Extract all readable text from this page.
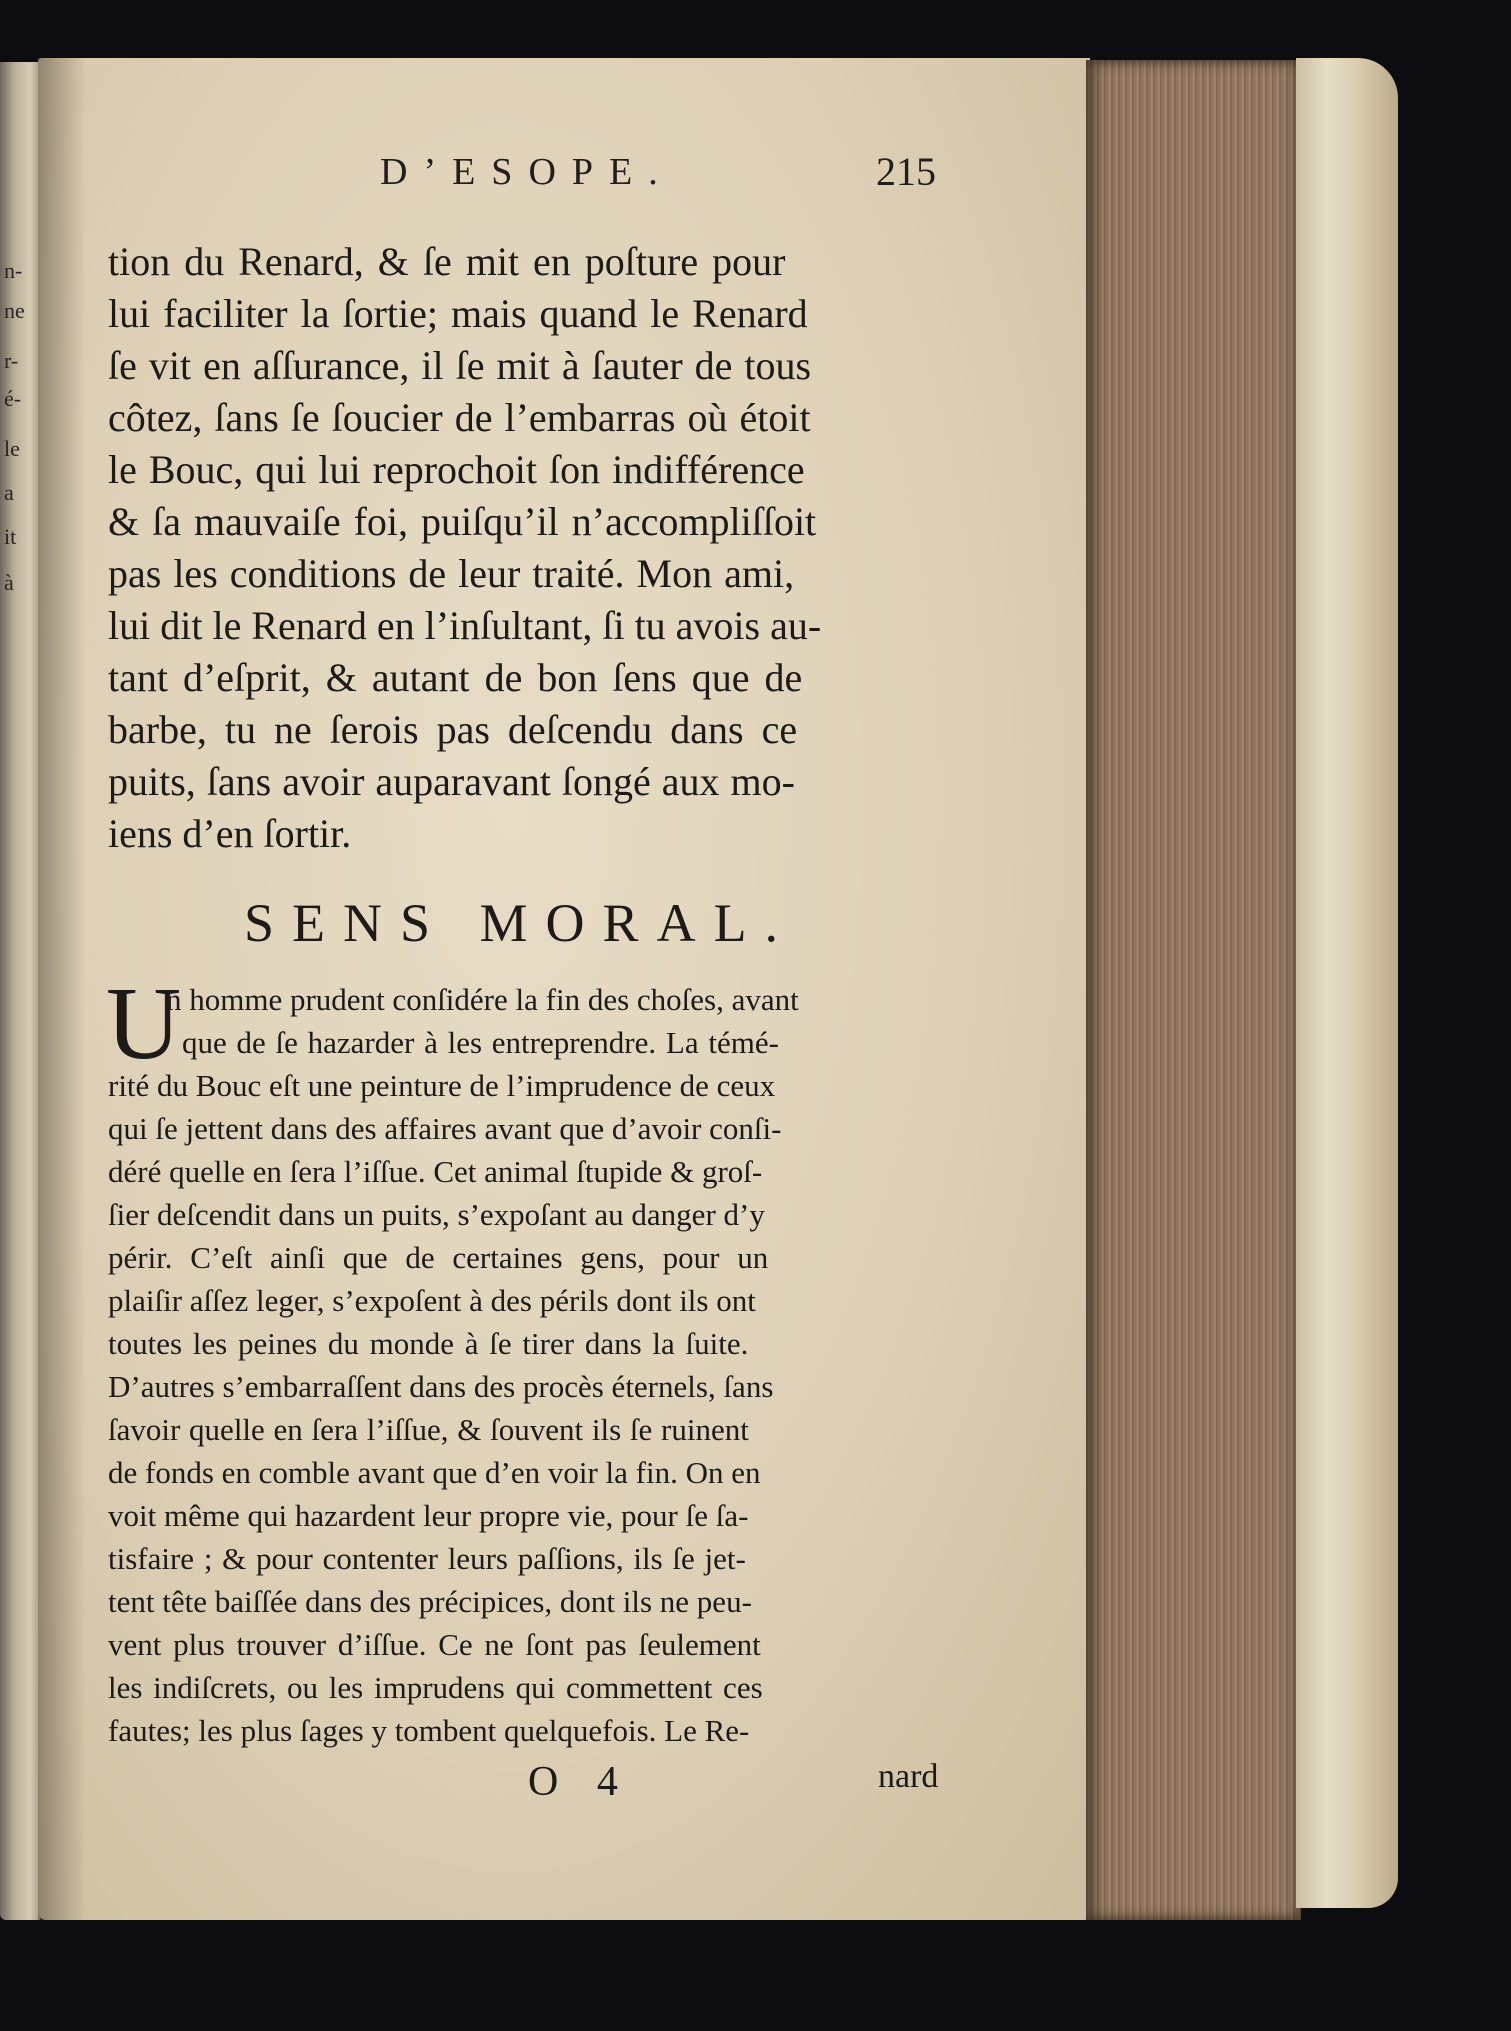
n-
ne
r-
é-
le
a
it
à
D’ESOPE.	215
tion du Renard, & ſe mit en poſture pour
lui faciliter la ſortie; mais quand le Renard
ſe vit en aſſurance, il ſe mit à ſauter de tous
côtez, ſans ſe ſoucier de l’embarras où étoit
le Bouc, qui lui reprochoit ſon indifférence
& ſa mauvaiſe foi, puiſqu’il n’accompliſſoit
pas les conditions de leur traité. Mon ami,
lui dit le Renard en l’inſultant, ſi tu avois au-
tant d’eſprit, & autant de bon ſens que de
barbe, tu ne ſerois pas deſcendu dans ce
puits, ſans avoir auparavant ſongé aux mo-
iens d’en ſortir.
SENS MORAL.
U
n homme prudent conſidére la fin des choſes, avant
que de ſe hazarder à les entreprendre. La témé-
rité du Bouc eſt une peinture de l’imprudence de ceux
qui ſe jettent dans des affaires avant que d’avoir conſi-
déré quelle en ſera l’iſſue. Cet animal ſtupide & groſ-
ſier deſcendit dans un puits, s’expoſant au danger d’y
périr. C’eſt ainſi que de certaines gens, pour un
plaiſir aſſez leger, s’expoſent à des périls dont ils ont
toutes les peines du monde à ſe tirer dans la ſuite.
D’autres s’embarraſſent dans des procès éternels, ſans
ſavoir quelle en ſera l’iſſue, & ſouvent ils ſe ruinent
de fonds en comble avant que d’en voir la fin. On en
voit même qui hazardent leur propre vie, pour ſe ſa-
tisfaire ; & pour contenter leurs paſſions, ils ſe jet-
tent tête baiſſée dans des précipices, dont ils ne peu-
vent plus trouver d’iſſue. Ce ne ſont pas ſeulement
les indiſcrets, ou les imprudens qui commettent ces
fautes; les plus ſages y tombent quelquefois. Le Re-
O 4	nard
